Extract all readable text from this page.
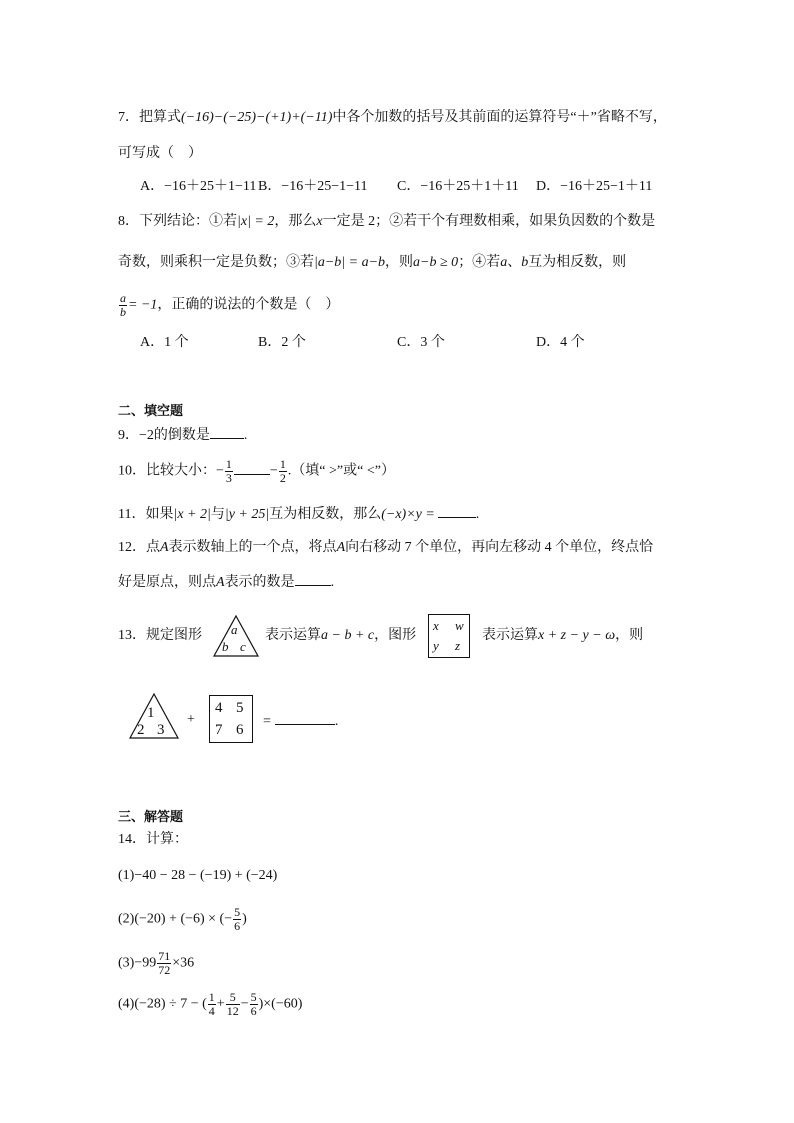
7．把算式(−16)−(−25)−(+1)+(−11)中各个加数的括号及其前面的运算符号“＋”省略不写，
可写成（　）
A．−16＋25＋1−11 B．−16＋25−1−11 C．−16＋25＋1＋11 D．−16＋25−1＋11
8．下列结论：①若|x| = 2，那么x一定是 2；②若干个有理数相乘，如果负因数的个数是
奇数，则乘积一定是负数；③若|a−b| = a−b，则a−b ≥ 0；④若a、b互为相反数，则
$\frac{a}{b} = -1$，正确的说法的个数是（　）
A．1 个	B．2 个	C．3 个	D．4 个
二、填空题
9．−2的倒数是 .
10．比较大小：− $\frac{1}{3}$	− $\frac{1}{2}$ .（填“ >”或“ <”）
11．如果|x + 2|与|y + 25|互为相反数，那么(−x)×y =	.
12．点A表示数轴上的一个点，将点A向右移动 7 个单位，再向左移动 4 个单位，终点恰
好是原点，则点A表示的数是	.
13．规定图形 a
b c
表示运算a − b + c，图形
x w
y z
表示运算x + z − y − ω，则
1
2 3
+
4 5
7 6
=	.
三、解答题
14．计算：
(1)−40 − 28 − (−19) + (−24)
(2)(−20) + (−6) × (− $\frac{5}{6}$ )
$(3)-99 \frac{71}{72} \times 36$
(4)(−28) ÷ 7 − ( $\frac{1}{4} + \frac{5}{12} - \frac{5}{6} )\times(-60)$
